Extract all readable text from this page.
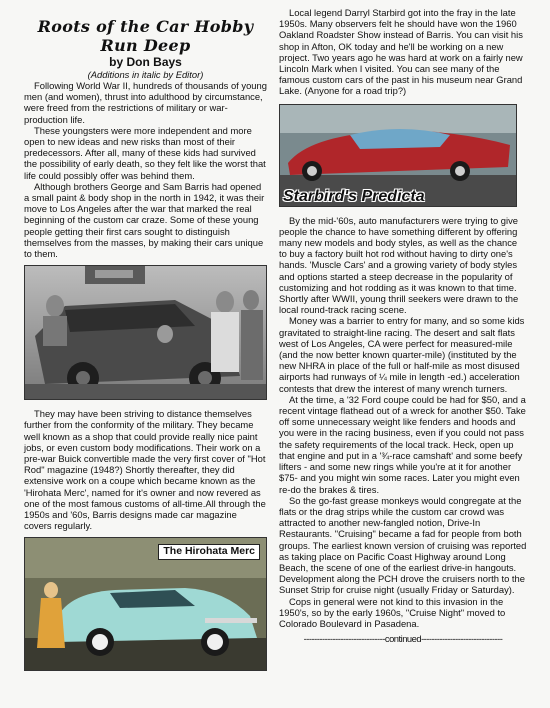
Roots of the Car Hobby
Run Deep
by Don Bays
(Additions in italic by Editor)

Following World War II, hundreds of thousands of young men (and women), thrust into adulthood by circumstance, were freed from the restrictions of military or war-production life.

These youngsters were more independent and more open to new ideas and new risks than most of their predecessors. After all, many of these kids had survived the possibility of early death, so they felt like the worst that life could possibly offer was behind them.

Although brothers George and Sam Barris had opened a small paint & body shop in the north in 1942, it was their move to Los Angeles after the war that marked the real beginning of the custom car craze. Some of these young people getting their first cars sought to distinguish themselves from the masses, by making their cars unique to them.

They may have been striving to distance themselves further from the conformity of the military. They became well known as a shop that could provide really nice paint jobs, or even custom body modifications. Their work on a pre-war Buick convertible made the very first cover of "Hot Rod" magazine (1948?) Shortly thereafter, they did extensive work on a coupe which became known as the 'Hirohata Merc', named for it's owner and now revered as one of the most famous customs of all-time.All through the 1950s and '60s, Barris designs made car magazine covers regularly.

The Hirohata Merc

Local legend Darryl Starbird got into the fray in the late 1950s. Many observers felt he should have won the 1960 Oakland Roadster Show instead of Barris. You can visit his shop in Afton, OK today and he'll be working on a new project. Two years ago he was hard at work on a fairly new Lincoln Mark when I visited. You can see many of the famous custom cars of the past in his museum near Grand Lake. (Anyone for a road trip?)

Starbird's Predicta

By the mid-'60s, auto manufacturers were trying to give people the chance to have something different by offering many new models and body styles, as well as the chance to buy a factory built hot rod without having to dirty one's hands. 'Muscle Cars' and a growing variety of body styles and options started a steep decrease in the popularity of customizing and hot rodding as it was known to that time. Shortly after WWII, young thrill seekers were drawn to the local round-track racing scene.

Money was a barrier to entry for many, and so some kids gravitated to straight-line racing. The desert and salt flats west of Los Angeles, CA were perfect for measured-mile (and the now better known quarter-mile) (instituted by the new NHRA in place of the full or half-mile as most disused airports had runways of ¼ mile in length -ed.) acceleration contests that drew the interest of many wrench turners.

At the time, a '32 Ford coupe could be had for $50, and a recent vintage flathead out of a wreck for another $50. Take off some unnecessary weight like fenders and hoods and you were in the racing business, even if you could not pass the safety requirements of the local track. Heck, open up that engine and put in a '¾-race camshaft' and some beefy lifters - and some new rings while you're at it for another $75- and you might win some races. Later you might even re-do the brakes & tires.

So the go-fast grease monkeys would congregate at the flats or the drag strips while the custom car crowd was attracted to another new-fangled notion, Drive-In Restaurants. "Cruising" became a fad for people from both groups. The earliest known version of cruising was reported as taking place on Pacific Coast Highway around Long Beach, the scene of one of the earliest drive-in hangouts. Development along the PCH drove the cruisers north to the Sunset Strip for cruise night (usually Friday or Saturday).

Cops in general were not kind to this invasion in the 1950's, so by the early 1960s, "Cruise Night" moved to Colorado Boulevard in Pasadena.

-------------------------------continued-------------------------------
